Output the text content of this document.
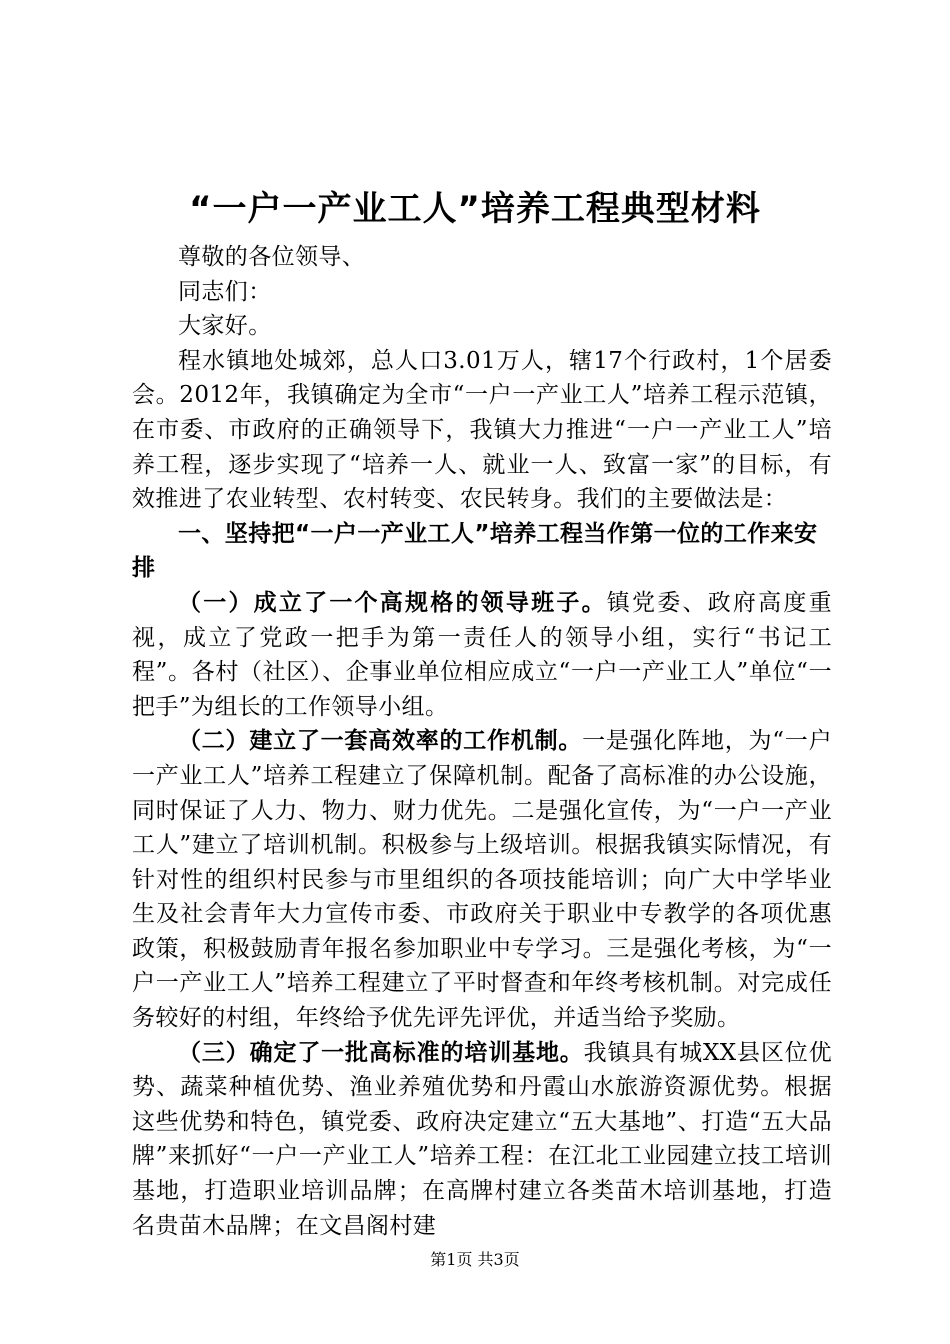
“一户一产业工人”培养工程典型材料

尊敬的各位领导、

同志们：

大家好。

程水镇地处城郊，总人口3.01万人，辖17个行政村，1个居委会。2012年，我镇确定为全市“一户一产业工人”培养工程示范镇，在市委、市政府的正确领导下，我镇大力推进“一户一产业工人”培养工程，逐步实现了“培养一人、就业一人、致富一家”的目标，有效推进了农业转型、农村转变、农民转身。我们的主要做法是：

一、坚持把“一户一产业工人”培养工程当作第一位的工作来安排

（一）成立了一个高规格的领导班子。镇党委、政府高度重视，成立了党政一把手为第一责任人的领导小组，实行“书记工程”。各村（社区）、企事业单位相应成立“一户一产业工人”单位“一把手”为组长的工作领导小组。

（二）建立了一套高效率的工作机制。一是强化阵地，为“一户一产业工人”培养工程建立了保障机制。配备了高标准的办公设施，同时保证了人力、物力、财力优先。二是强化宣传，为“一户一产业工人”建立了培训机制。积极参与上级培训。根据我镇实际情况，有针对性的组织村民参与市里组织的各项技能培训；向广大中学毕业生及社会青年大力宣传市委、市政府关于职业中专教学的各项优惠政策，积极鼓励青年报名参加职业中专学习。三是强化考核，为“一户一产业工人”培养工程建立了平时督查和年终考核机制。对完成任务较好的村组，年终给予优先评先评优，并适当给予奖励。

（三）确定了一批高标准的培训基地。我镇具有城XX县区位优势、蔬菜种植优势、渔业养殖优势和丹霞山水旅游资源优势。根据这些优势和特色，镇党委、政府决定建立“五大基地”、打造“五大品牌”来抓好“一户一产业工人”培养工程：在江北工业园建立技工培训基地，打造职业培训品牌；在高牌村建立各类苗木培训基地，打造名贵苗木品牌；在文昌阁村建

第1页 共3页
